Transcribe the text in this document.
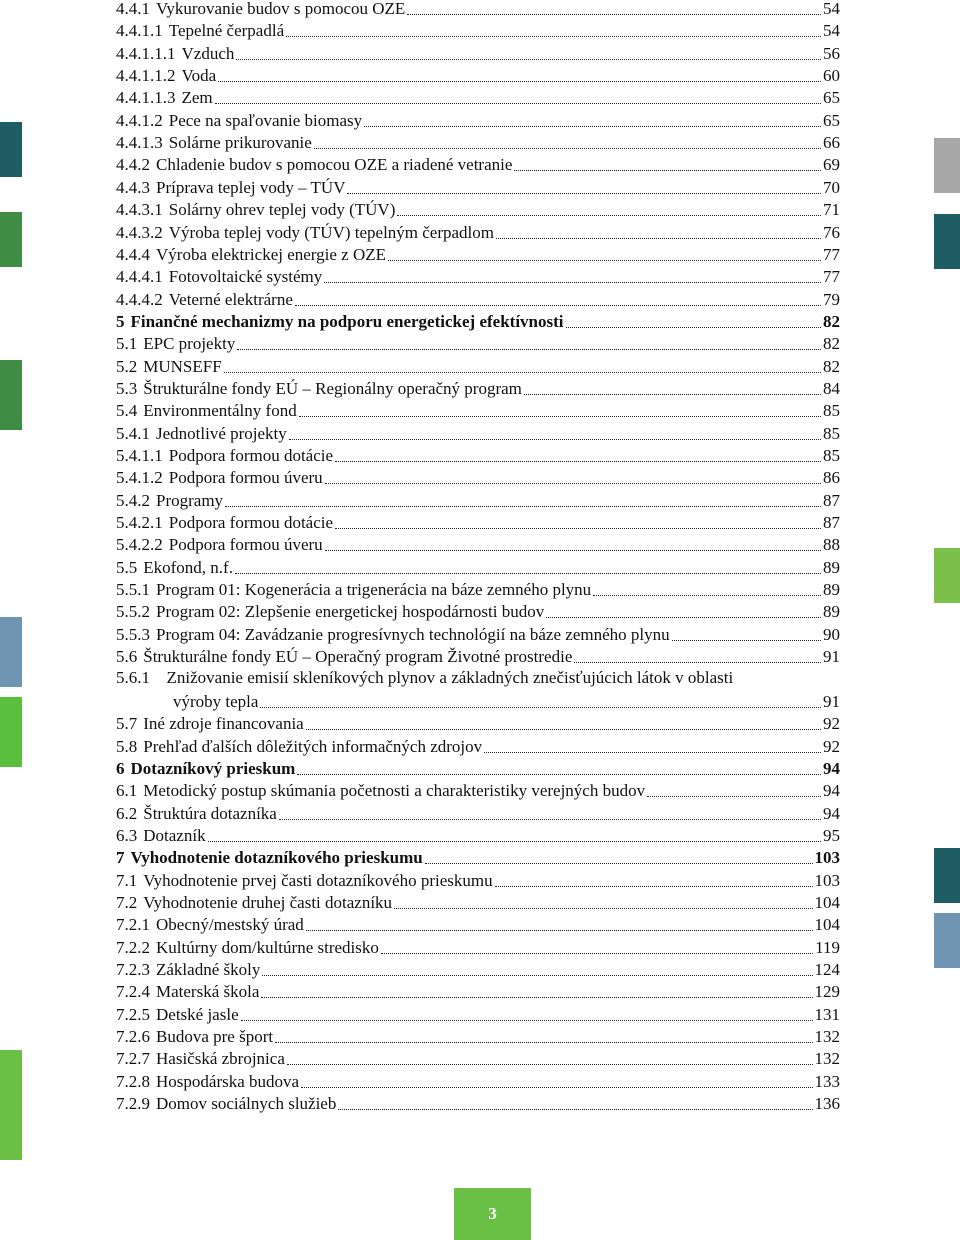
4.4.1 Vykurovanie budov s pomocou OZE	54
4.4.1.1 Tepelné čerpadlá	54
4.4.1.1.1 Vzduch	56
4.4.1.1.2 Voda	60
4.4.1.1.3 Zem	65
4.4.1.2 Pece na spaľovanie biomasy	65
4.4.1.3 Solárne prikurovanie	66
4.4.2 Chladenie budov s pomocou OZE a riadené vetranie	69
4.4.3 Príprava teplej vody – TÚV	70
4.4.3.1 Solárny ohrev teplej vody (TÚV)	71
4.4.3.2 Výroba teplej vody (TÚV) tepelným čerpadlom	76
4.4.4 Výroba elektrickej energie z OZE	77
4.4.4.1 Fotovoltaické systémy	77
4.4.4.2 Veterné elektrárne	79
5 Finančné mechanizmy na podporu energetickej efektívnosti	82
5.1 EPC projekty	82
5.2 MUNSEFF	82
5.3 Štrukturálne fondy EÚ – Regionálny operačný program	84
5.4 Environmentálny fond	85
5.4.1 Jednotlivé projekty	85
5.4.1.1 Podpora formou dotácie	85
5.4.1.2 Podpora formou úveru	86
5.4.2 Programy	87
5.4.2.1 Podpora formou dotácie	87
5.4.2.2 Podpora formou úveru	88
5.5 Ekofond, n.f.	89
5.5.1 Program 01: Kogenerácia a trigenerácia na báze zemného plynu	89
5.5.2 Program 02: Zlepšenie energetickej hospodárnosti budov	89
5.5.3 Program 04: Zavádzanie progresívnych technológií na báze zemného plynu	90
5.6 Štrukturálne fondy EÚ – Operačný program Životné prostredie	91
5.6.1 Znižovanie emisií skleníkových plynov a základných znečisťujúcich látok v oblasti
výroby tepla	91
5.7 Iné zdroje financovania	92
5.8 Prehľad ďalších dôležitých informačných zdrojov	92
6 Dotazníkový prieskum	94
6.1 Metodický postup skúmania početnosti a charakteristiky verejných budov	94
6.2 Štruktúra dotazníka	94
6.3 Dotazník	95
7 Vyhodnotenie dotazníkového prieskumu	103
7.1 Vyhodnotenie prvej časti dotazníkového prieskumu	103
7.2 Vyhodnotenie druhej časti dotazníku	104
7.2.1 Obecný/mestský úrad	104
7.2.2 Kultúrny dom/kultúrne stredisko	119
7.2.3 Základné školy	124
7.2.4 Materská škola	129
7.2.5 Detské jasle	131
7.2.6 Budova pre šport	132
7.2.7 Hasičská zbrojnica	132
7.2.8 Hospodárska budova	133
7.2.9 Domov sociálnych služieb	136
3
